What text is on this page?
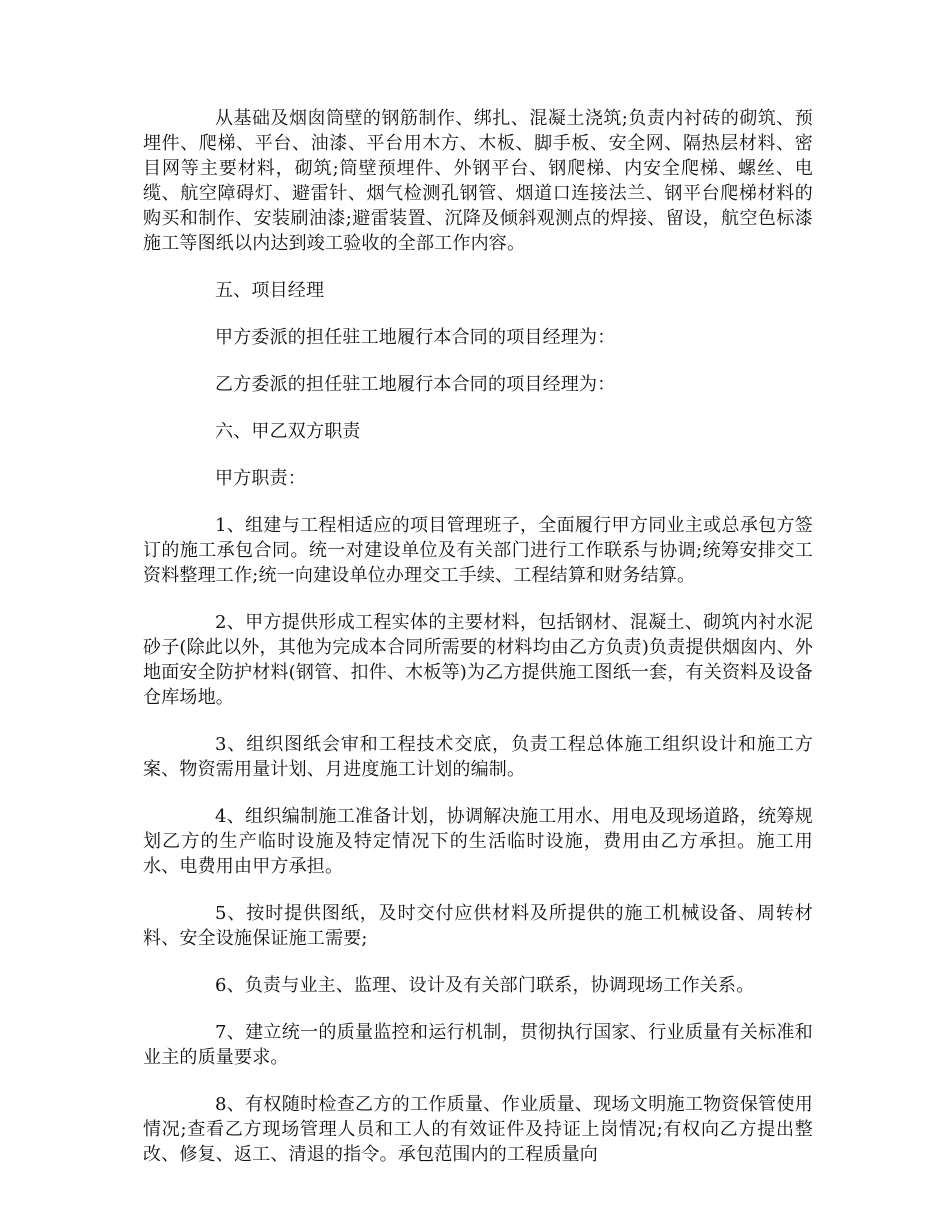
从基础及烟囱筒壁的钢筋制作、绑扎、混凝土浇筑;负责内衬砖的砌筑、预埋件、爬梯、平台、油漆、平台用木方、木板、脚手板、安全网、隔热层材料、密目网等主要材料，砌筑;筒壁预埋件、外钢平台、钢爬梯、内安全爬梯、螺丝、电缆、航空障碍灯、避雷针、烟气检测孔钢管、烟道口连接法兰、钢平台爬梯材料的购买和制作、安装刷油漆;避雷装置、沉降及倾斜观测点的焊接、留设，航空色标漆施工等图纸以内达到竣工验收的全部工作内容。

五、项目经理

甲方委派的担任驻工地履行本合同的项目经理为：

乙方委派的担任驻工地履行本合同的项目经理为：

六、甲乙双方职责

甲方职责：

1、组建与工程相适应的项目管理班子，全面履行甲方同业主或总承包方签订的施工承包合同。统一对建设单位及有关部门进行工作联系与协调;统筹安排交工资料整理工作;统一向建设单位办理交工手续、工程结算和财务结算。

2、甲方提供形成工程实体的主要材料，包括钢材、混凝土、砌筑内衬水泥砂子(除此以外，其他为完成本合同所需要的材料均由乙方负责)负责提供烟囱内、外地面安全防护材料(钢管、扣件、木板等)为乙方提供施工图纸一套，有关资料及设备仓库场地。

3、组织图纸会审和工程技术交底，负责工程总体施工组织设计和施工方案、物资需用量计划、月进度施工计划的编制。

4、组织编制施工准备计划，协调解决施工用水、用电及现场道路，统筹规划乙方的生产临时设施及特定情况下的生活临时设施，费用由乙方承担。施工用水、电费用由甲方承担。

5、按时提供图纸，及时交付应供材料及所提供的施工机械设备、周转材料、安全设施保证施工需要;

6、负责与业主、监理、设计及有关部门联系，协调现场工作关系。

7、建立统一的质量监控和运行机制，贯彻执行国家、行业质量有关标准和业主的质量要求。

8、有权随时检查乙方的工作质量、作业质量、现场文明施工物资保管使用情况;查看乙方现场管理人员和工人的有效证件及持证上岗情况;有权向乙方提出整改、修复、返工、清退的指令。承包范围内的工程质量向
